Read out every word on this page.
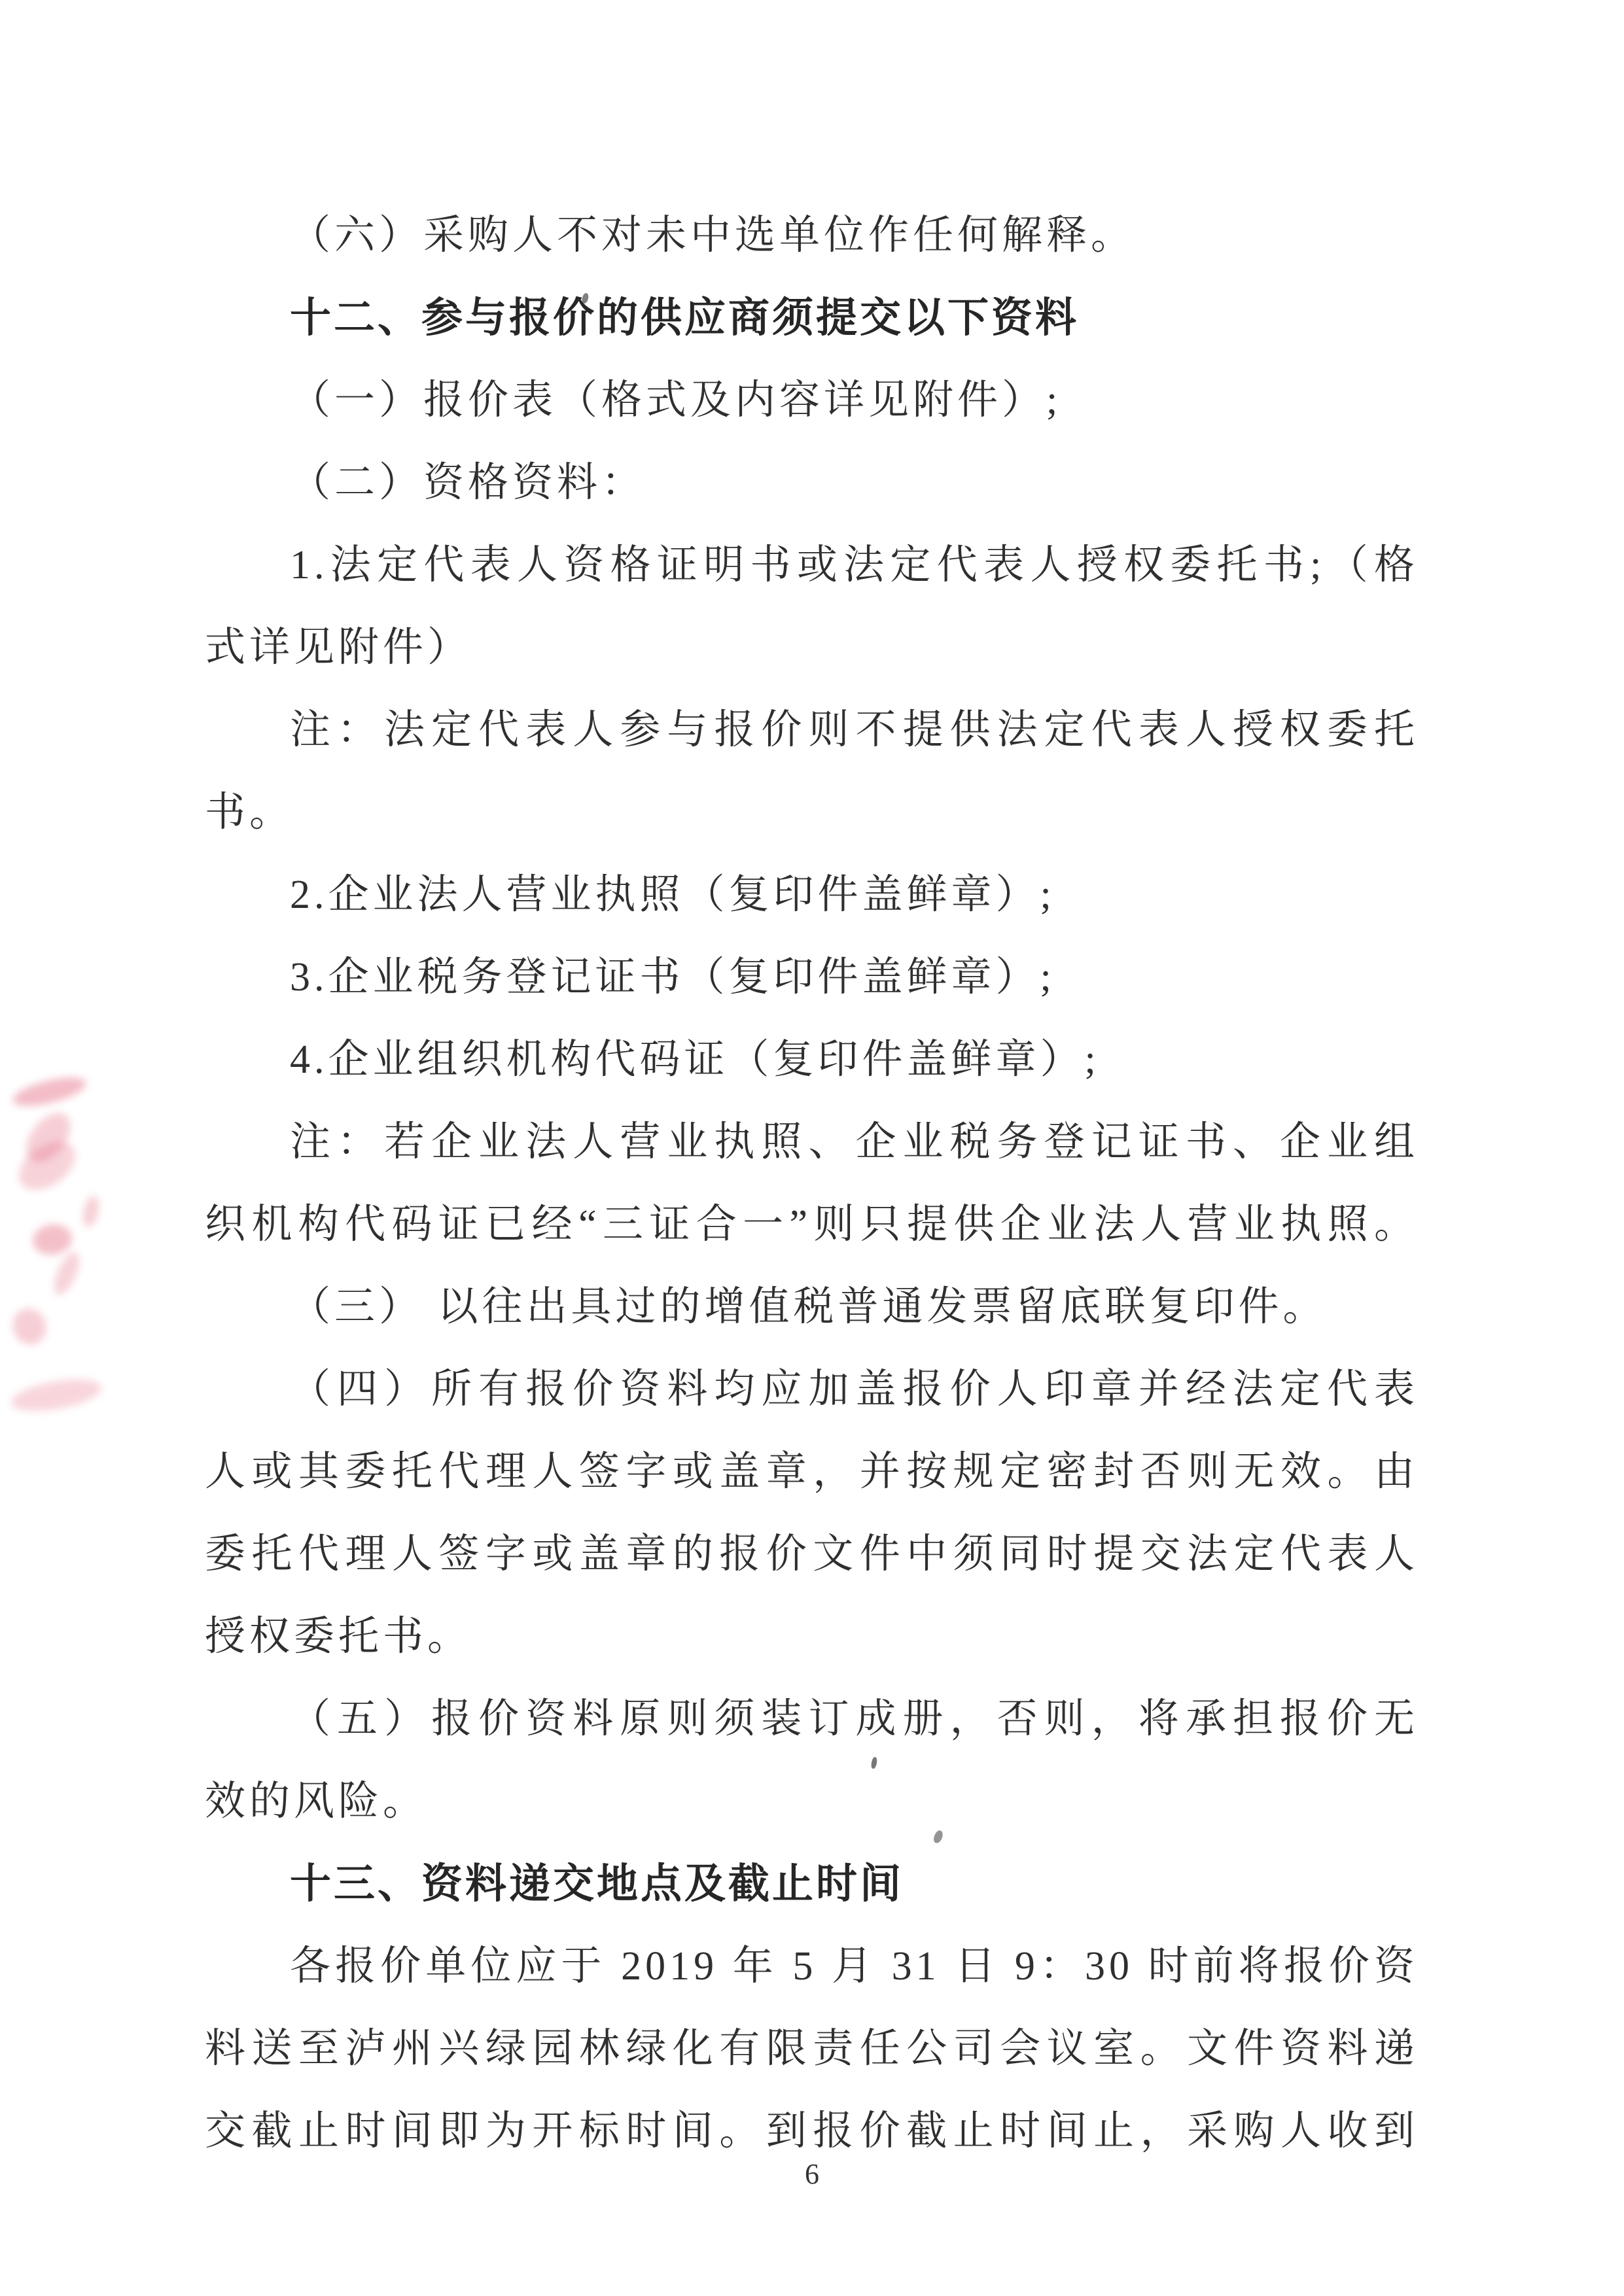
（六）采购人不对未中选单位作任何解释。
十二、参与报价的供应商须提交以下资料
（一）报价表（格式及内容详见附件）;
（二）资格资料：
1.法定代表人资格证明书或法定代表人授权委托书;（格
式详见附件）
注：法定代表人参与报价则不提供法定代表人授权委托
书。
2.企业法人营业执照（复印件盖鲜章）;
3.企业税务登记证书（复印件盖鲜章）;
4.企业组织机构代码证（复印件盖鲜章）;
注：若企业法人营业执照、企业税务登记证书、企业组
织机构代码证已经“三证合一”则只提供企业法人营业执照。
（三） 以往出具过的增值税普通发票留底联复印件。
（四）所有报价资料均应加盖报价人印章并经法定代表
人或其委托代理人签字或盖章，并按规定密封否则无效。由
委托代理人签字或盖章的报价文件中须同时提交法定代表人
授权委托书。
（五）报价资料原则须装订成册，否则，将承担报价无
效的风险。
十三、资料递交地点及截止时间
各报价单位应于 2019 年 5 月 31 日 9：30 时前将报价资
料送至泸州兴绿园林绿化有限责任公司会议室。文件资料递
交截止时间即为开标时间。到报价截止时间止，采购人收到
6
